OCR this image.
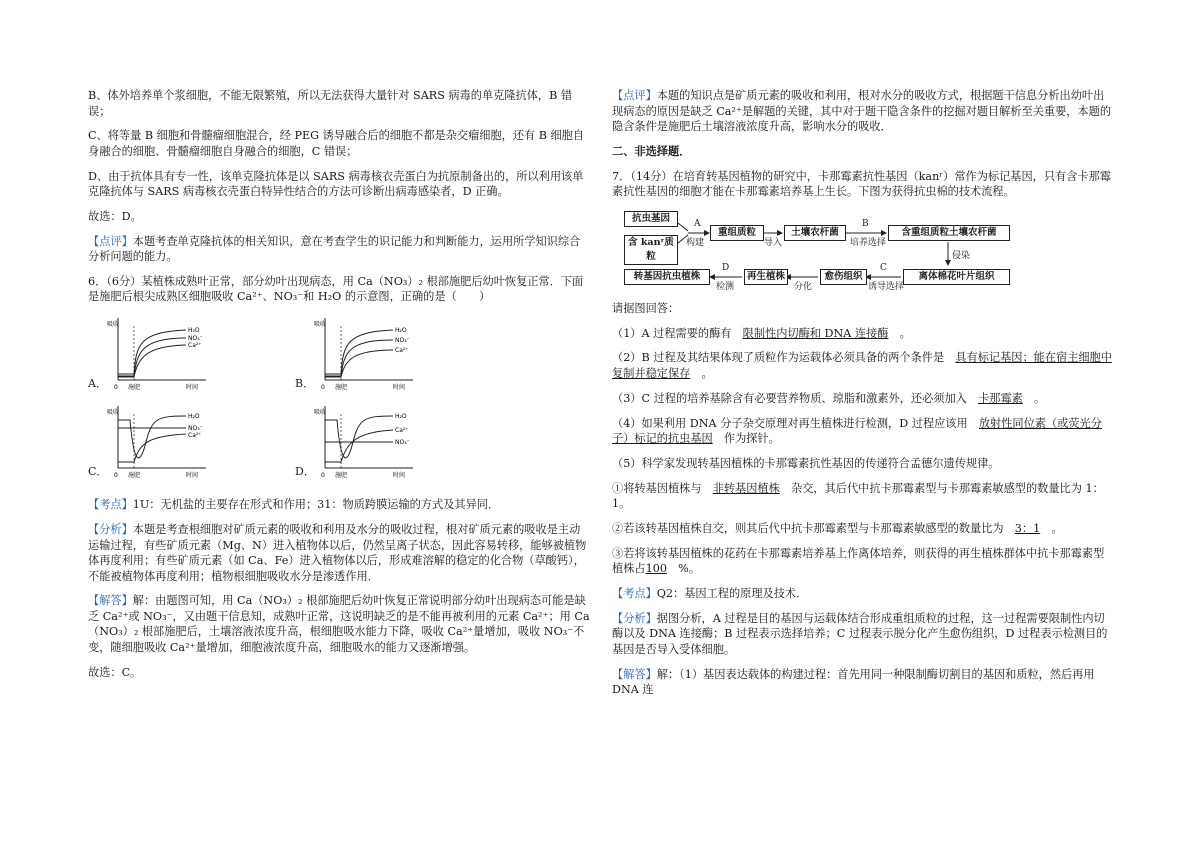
B、体外培养单个浆细胞，不能无限繁殖，所以无法获得大量针对 SARS 病毒的单克隆抗体，B 错误；

C、将等量 B 细胞和骨髓瘤细胞混合，经 PEG 诱导融合后的细胞不都是杂交瘤细胞，还有 B 细胞自身融合的细胞、骨髓瘤细胞自身融合的细胞，C 错误；

D、由于抗体具有专一性，该单克隆抗体是以 SARS 病毒核衣壳蛋白为抗原制备出的，所以利用该单克隆抗体与 SARS 病毒核衣壳蛋白特异性结合的方法可诊断出病毒感染者，D 正确。

故选：D。

【点评】本题考查单克隆抗体的相关知识，意在考查学生的识记能力和判断能力，运用所学知识综合分析问题的能力。

6．（6分）某植株成熟叶正常，部分幼叶出现病态，用 Ca（NO₃）₂ 根部施肥后幼叶恢复正常．下面是施肥后根尖成熟区细胞吸收 Ca²⁺、NO₃⁻和 H₂O 的示意图，正确的是（　　）

A．
吸收
0 施肥	时间
H₂O
NO₃⁻
Ca²⁺
B．
吸收
0 施肥	时间
H₂O
NO₃⁻
Ca²⁺
C．
吸收
0 施肥	时间
H₂O
NO₃⁻
Ca²⁺
D．
吸收
0 施肥	时间
H₂O
Ca²⁺
NO₃⁻

【考点】1U：无机盐的主要存在形式和作用；31：物质跨膜运输的方式及其异同．

【分析】本题是考查根细胞对矿质元素的吸收和利用及水分的吸收过程，根对矿质元素的吸收是主动运输过程，有些矿质元素（Mg、N）进入植物体以后，仍然呈离子状态，因此容易转移，能够被植物体再度利用；有些矿质元素（如 Ca、Fe）进入植物体以后，形成难溶解的稳定的化合物（草酸钙），不能被植物体再度利用；植物根细胞吸收水分是渗透作用．

【解答】解：由题图可知，用 Ca（NO₃）₂ 根部施肥后幼叶恢复正常说明部分幼叶出现病态可能是缺乏 Ca²⁺或 NO₃⁻，又由题干信息知，成熟叶正常，这说明缺乏的是不能再被利用的元素 Ca²⁺；用 Ca（NO₃）₂ 根部施肥后，土壤溶液浓度升高，根细胞吸水能力下降，吸收 Ca²⁺量增加，吸收 NO₃⁻不变，随细胞吸收 Ca²⁺量增加，细胞液浓度升高，细胞吸水的能力又逐渐增强。

故选：C。

【点评】本题的知识点是矿质元素的吸收和利用，根对水分的吸收方式，根据题干信息分析出幼叶出现病态的原因是缺乏 Ca²⁺是解题的关键，其中对于题干隐含条件的挖掘对题目解析至关重要，本题的隐含条件是施肥后土壤溶液浓度升高，影响水分的吸收．

二、非选择题．

7．（14分）在培育转基因植物的研究中，卡那霉素抗性基因（kanʳ）常作为标记基因，只有含卡那霉素抗性基因的细胞才能在卡那霉素培养基上生长。下图为获得抗虫棉的技术流程。

抗虫基因
含 kanʳ质粒
重组质粒	土壤农杆菌	含重组质粒土壤农杆菌
离体棉花叶片组织
愈伤组织
再生植株
转基因抗虫植株
A
构建	导入
B
培养选择
侵染
C
诱导选择
分化
D
检测

请据图回答：

（1）A 过程需要的酶有  限制性内切酶和 DNA 连接酶  。

（2）B 过程及其结果体现了质粒作为运载体必须具备的两个条件是  具有标记基因；能在宿主细胞中复制并稳定保存  。

（3）C 过程的培养基除含有必要营养物质、琼脂和激素外，还必须加入  卡那霉素  。

（4）如果利用 DNA 分子杂交原理对再生植株进行检测，D 过程应该用  放射性同位素（或荧光分子）标记的抗虫基因  作为探针。

（5）科学家发现转基因植株的卡那霉素抗性基因的传递符合孟德尔遗传规律。

①将转基因植株与  非转基因植株  杂交，其后代中抗卡那霉素型与卡那霉素敏感型的数量比为 1：1。

②若该转基因植株自交，则其后代中抗卡那霉素型与卡那霉素敏感型的数量比为  3：1  。

③若将该转基因植株的花药在卡那霉素培养基上作离体培养，则获得的再生植株群体中抗卡那霉素型植株占100  %。

【考点】Q2：基因工程的原理及技术．

【分析】据图分析，A 过程是目的基因与运载体结合形成重组质粒的过程，这一过程需要限制性内切酶以及 DNA 连接酶；B 过程表示选择培养；C 过程表示脱分化产生愈伤组织，D 过程表示检测目的基因是否导入受体细胞。

【解答】解：（1）基因表达载体的构建过程：首先用同一种限制酶切割目的基因和质粒，然后再用 DNA 连
